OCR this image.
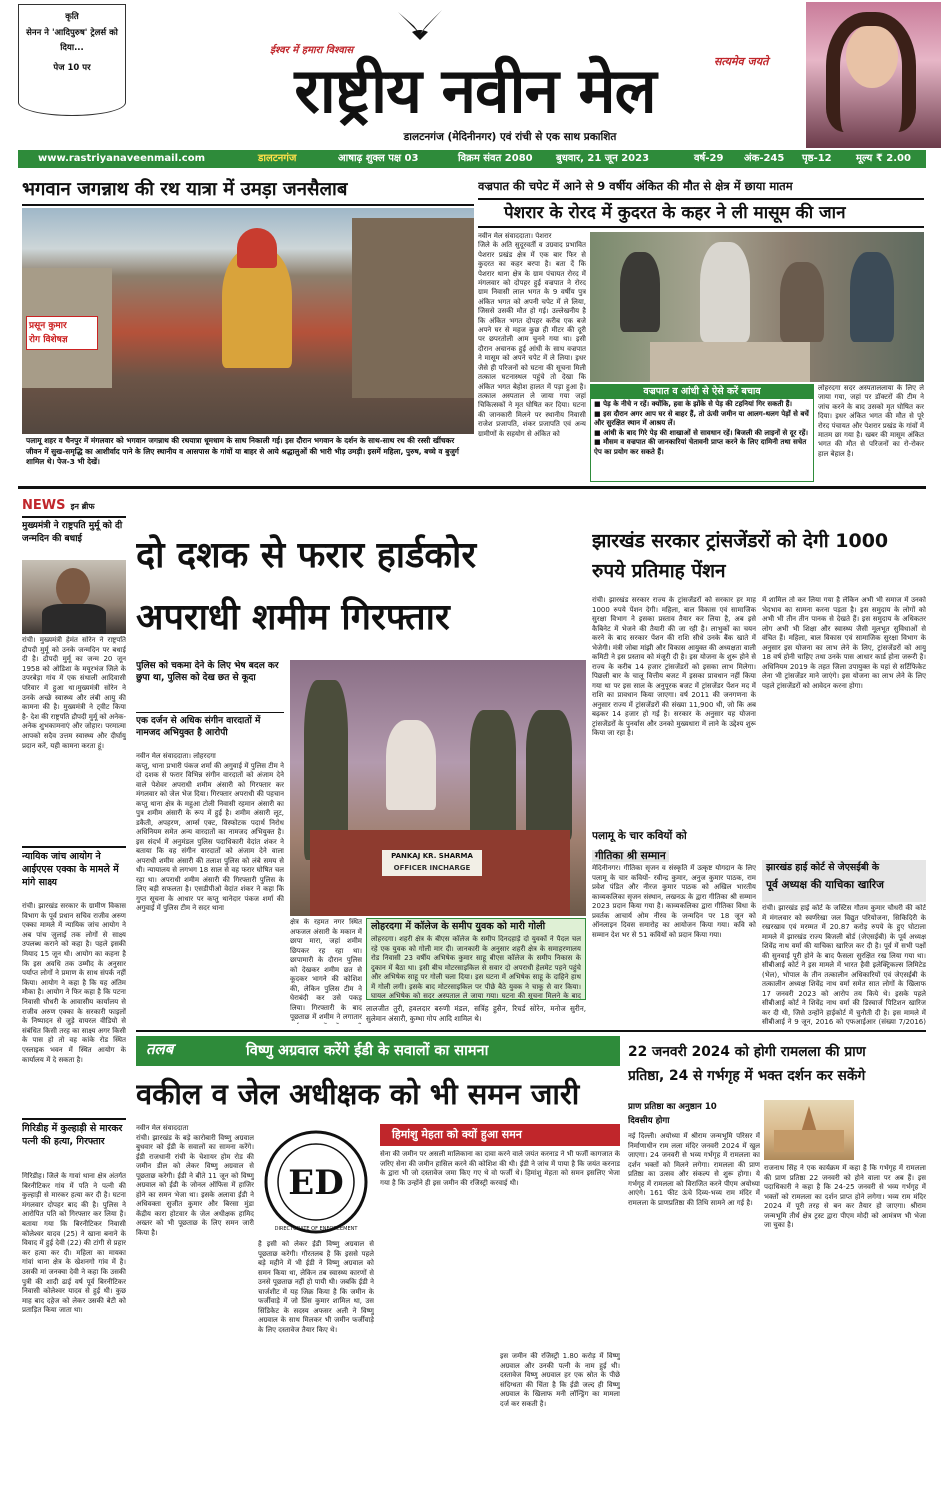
कृति
सेनन ने 'आदिपुरुष' ट्रेलर्स को दिया...
पेज 10 पर
ईश्वर में हमारा विश्वास
सत्यमेव जयते
राष्ट्रीय नवीन मेल
डालटनगंज (मेदिनीनगर) एवं रांची से एक साथ प्रकाशित
www.rastriyanaveenmail.com	डालटनगंज	आषाढ़ शुक्ल पक्ष 03	विक्रम संवत 2080 बुधवार, 21 जून 2023	वर्ष-29 अंक-245 पृष्ठ-12 मूल्य ₹ 2.00
भगवान जगन्नाथ की रथ यात्रा में उमड़ा जनसैलाब
प्रसून कुमार
रोग विशेषज्ञ
पलामू शहर व चैनपुर में मंगलवार को भगवान जगन्नाथ की रथयात्रा धूमधाम के साथ निकाली गई। इस दौरान भगवान के दर्शन के साथ-साथ रथ की रस्सी खींचकर जीवन में सुख-समृद्धि का आशीर्वाद पाने के लिए स्थानीय व आसपास के गांवों या बाहर से आये श्रद्धालुओं की भारी भीड़ उमड़ी। इसमें महिला, पुरुष, बच्चे व बुजुर्ग शामिल थे। पेज-3 भी देखें।
वज्रपात की चपेट में आने से 9 वर्षीय अंकित की मौत से क्षेत्र में छाया मातम
पेशरार के रोरद में कुदरत के कहर ने ली मासूम की जान
नवीन मेल संवाददाता। पेशरार
जिले के अति सुदूरवर्ती व उग्रवाद प्रभावित पेशरार प्रखंड क्षेत्र में एक बार फिर से कुदरत का कहर बरपा है। बता दें कि पेशरार थाना क्षेत्र के ग्राम पंचायत रोरद में मंगलवार को दोपहर हुई वज्रपात ने रोरद ग्राम निवासी लाल भगत के 9 वर्षीय पुत्र अंकित भगत को अपनी चपेट में ले लिया, जिससे उसकी मौत हो गई। उल्लेखनीय है कि अंकित भगत दोपहर करीब एक बजे अपने घर से महज कुछ ही मीटर की दूरी पर छपरतोली आम चुनने गया था। इसी दौरान अचानक हुई आंधी के साथ वज्रपात ने मासूम को अपने चपेट में ले लिया। इधर जैसे ही परिजनों को घटना की सूचना मिली तत्काल घटनास्थल पहुंचे तो देखा कि अंकित भगत बेहोश हालत में पड़ा हुआ है। तत्काल अस्पताल ले जाया गया जहां चिकित्सकों ने मृत घोषित कर दिया। घटना की जानकारी मिलने पर स्थानीय निवासी राजेश प्रजापति, शंकर प्रजापति एवं अन्य ग्रामीणों के सहयोग से अंकित को
वज्रपात व आंधी से ऐसे करें बचाव
■ पेड़ के नीचे न रहें। क्योंकि, हवा के झोंके से पेड़ की टहनियां गिर सकती हैं।
■ इस दौरान अगर आप घर से बाहर हैं, तो ऊंची जमीन या आलग-थलग पेड़ों से बचें और सुरक्षित स्थान में आश्रय लें।
■ आंधी के बाद गिरे पेड़ की शाखाओं से सावधान रहें। बिजली की लाइनों से दूर रहें।
■ मौसम व वज्रपात की जानकारियां चेतावनी प्राप्त करने के लिए दामिनी तथा सचेत ऐप का प्रयोग कर सकते हैं।
लोहरदगा सदर अस्पताललाया के लिए ले जाया गया, जहां पर डॉक्टरों की टीम ने जांच करने के बाद उसको मृत घोषित कर दिया। इधर अंकित भगत की मौत से पूरे रोरद पंचायत और पेशरार प्रखंड के गांवों में मातम छा गया है। खबर की मासूम अंकित भगत की मौत से परिजनों का रो-रोकर हाल बेहाल है।
NEWS इन ब्रीफ
मुख्यमंत्री ने राष्ट्रपति मुर्मू को दी जन्मदिन की बधाई
रांची। मुख्यमंत्री हेमंत सोरेन ने राष्ट्रपति द्रौपदी मुर्मू को उनके जन्मदिन पर बधाई दी है। द्रौपदी मुर्मू का जन्म 20 जून 1958 को ओडिशा के मयूरभंज जिले के उपरबेड़ा गांव में एक संथाली आदिवासी परिवार में हुआ था।मुख्यमंत्री सोरेन ने उनके अच्छे स्वास्थ्य और लंबी आयु की कामना की है। मुख्यमंत्री ने ट्वीट किया है- देश की राष्ट्रपति द्रौपदी मुर्मू को अनेक-अनेक शुभकामनाएं और जोहार। परमात्मा आपको सदैव उत्तम स्वास्थ्य और दीर्घायु प्रदान करें, यही कामना करता हूं।
न्यायिक जांच आयोग ने आईएएस एक्का के मामले में मांगे साक्ष्य
रांची। झारखंड सरकार के ग्रामीण विकास विभाग के पूर्व प्रधान सचिव राजीव अरुण एक्का मामले में न्यायिक जांच आयोग ने अब पांच जुलाई तक लोगों से साक्ष्य उपलब्ध कराने को कहा है। पहले इसकी मियाद 15 जून थी। आयोग का कहना है कि इस अवधि तक उम्मीद के अनुसार पर्याप्त लोगों ने प्रमाण के साथ संपर्क नहीं किया। आयोग ने कहा है कि यह अंतिम मौका है। आयोग ने फिर कहा है कि पटना निवासी चौधरी के आवासीय कार्यालय से राजीव अरुण एक्का के सरकारी फाइलों के निष्पादन से जुड़े वायरल वीडियो से संबंधित किसी तरह का साक्ष्य अगर किसी के पास हो तो वह कांके रोड स्थित एस्लाइक भवन में स्थित आयोग के कार्यालय में दे सकता है।
गिरिडीह में कुल्हाड़ी से मारकर पत्नी की हत्या, गिरफ्तार
गिरिडीह। जिले के गावां थाना क्षेत्र अंतर्गत बिरनीटिकर गांव में पति ने पत्नी की कुल्हाड़ी से मारकर हत्या कर दी है। घटना मंगलवार दोपहर बाद की है। पुलिस ने आरोपित पति को गिरफ्तार कर लिया है। बताया गया कि बिरनीटिकर निवासी कोलेश्वर यादव (25) ने खाना बनाने के विवाद में हुई देवी (22) की टांगी से प्रहार कर हत्या कर दी। महिला का मायका गांवां थाना क्षेत्र के खेशनगो गांव में है। उसकी मां जनक्वा देवी ने कहा कि उसकी पुत्री की शादी ढाई वर्ष पूर्व बिरनीटिकर निवासी कोलेश्वर यादव से हुई थी। कुछ माह बाद दहेज को लेकर उसकी बेटी को प्रताड़ित किया जाता था।
दो दशक से फरार हार्डकोर
अपराधी शमीम गिरफ्तार
पुलिस को चकमा देने के लिए भेष बदल कर छुपा था, पुलिस को देख छत से कूदा
एक दर्जन से अधिक संगीन वारदातों में नामजद अभियुक्त है आरोपी
नवीन मेल संवाददाता। लोहरदगा
कप्तु, थाना प्रभारी पंकज शर्मा की अगुवाई में पुलिस टीम ने दो दशक से फरार विभिन्न संगीन वारदातों को अंजाम देने वाले पेशेवर अपराधी शमीम अंसारी को गिरफ्तार कर मंगलवार को जेल भेज दिया। गिरफ्तार अपराधी की पहचान कप्तु थाना क्षेत्र के महुआ टोली निवासी रहमान अंसारी का पुत्र शमीम अंसारी के रूप में हुई है। शमीम अंसारी लूट, डकैती, अपहरण, आर्म्स एक्ट, विस्फोटक पदार्थ निरोध अधिनियम समेत अन्य वारदातों का नामजद अभियुक्त है। इस संदर्भ में अनुमंडल पुलिस पदाधिकारी वेदांत शंकर ने बताया कि वह संगीन वारदातों को अंजाम देने वाला अपराधी शमीम अंसारी की तलाश पुलिस को लंबे समय से थी। न्यायालय से लगभग 18 साल से वह फरार घोषित चल रहा था। अपराधी शमीम अंसारी की गिरफ्तारी पुलिस के लिए बड़ी सफलता है। एसडीपीओ वेदांत शंकर ने कहा कि गुप्त सूचना के आधार पर कप्तु थानेदार पंकज शर्मा की अगुवाई में पुलिस टीम ने सदर थाना
PANKAJ KR. SHARMA
OFFICER INCHARGE
क्षेत्र के रहमत नगर स्थित अफजल अंसारी के मकान में छापा मारा, जहां शमीम छिपकर रह रहा था। छापामारी के दौरान पुलिस को देखकर शमीम छत से कूदकर भागने की कोशिश की, लेकिन पुलिस टीम ने घेराबंदी कर उसे पकड़ लिया। गिरफ्तारी के बाद पूछताछ में शमीम ने लगातार
लोहरदगा में कॉलेज के समीप युवक को मारी गोली
लोहरदगा। शहरी क्षेत्र के बीएस कॉलेज के समीप दिनदहाड़े दो युवकों ने पैदल चल रहे एक युवक को गोली मार दी। जानकारी के अनुसार शहरी क्षेत्र के समाहरणालय रोड निवासी 23 वर्षीय अभिषेक कुमार साहू बीएस कॉलेज के समीप निकास के दुकान में बैठा था। इसी बीच मोटरसाइकिल से सवार दो अपराधी हेलमेट पहने पहुंचे और अभिषेक साहू पर गोली चला दिया। इस घटना में अभिषेक साहू के दाहिने हाथ में गोली लगी। इसके बाद मोटरसाइकिल पर पीछे बैठे युवक ने चाकू से वार किया। घायल अभिषेक को सदर अस्पताल ले जाया गया। घटना की सूचना मिलने के बाद
लालजीत तुरी, हवलदार बरुणी मंडल, सत्रिंह हुसैन, रिचर्ड सोरेन, मनोज सुरीन, सुलेमान अंसारी, कुम्भा गोप आदि शामिल थे।
झारखंड सरकार ट्रांसजेंडरों को देगी 1000 रुपये प्रतिमाह पेंशन
रांची। झारखंड सरकार राज्य के ट्रांसजेंडरों को सरकार हर माह 1000 रुपये पेंशन देगी। महिला, बाल विकास एवं सामाजिक सुरक्षा विभाग ने इसका प्रस्ताव तैयार कर लिया है, अब इसे कैबिनेट में भेजने की तैयारी की जा रही है। लाभुकों का चयन करने के बाद सरकार पेंशन की राशि सीधे उनके बैंक खाते में भेजेगी। मंत्री जोबा मांझी और विकास आयुक्त की अध्यक्षता वाली कमिटी ने इस प्रस्ताव को मंजूरी दी है। इस योजना के शुरू होने से राज्य के करीब 14 हजार ट्रांसजेंडरों को इसका लाभ मिलेगा। पिछली बार के चालू वित्तीय बजट में इसका प्रावधान नहीं किया गया था पर इस साल के अनुपूरक बजट में ट्रांसजेंडर पेंशन मद में राशि का प्रावधान किया जाएगा। वर्ष 2011 की जनगणना के अनुसार राज्य में ट्रांसजेंडरों की संख्या 11,900 थी, जो कि अब बढ़कर 14 हजार हो गई है। सरकार के अनुसार यह योजना ट्रांसजेंडरों के पुनर्वास और उनको मुख्यधारा में लाने के उद्देश्य शुरू किया जा रहा है।
में शामिल तो कर लिया गया है लेकिन अभी भी समाज में उनको भेदभाव का सामना करना पड़ता है। इस समुदाय के लोगों को अभी भी तीन तीन पानक से देखते हैं। इस समुदाय के अधिकतर लोग अभी भी शिक्षा और स्वास्थ्य जैसी मूलभूत सुविधाओं से वंचित हैं। महिला, बाल विकास एवं सामाजिक सुरक्षा विभाग के अनुसार इस योजना का लाभ लेने के लिए, ट्रांसजेंडरों को आयु 18 वर्ष होनी चाहिए तथा उनके पास आधार कार्ड होना जरूरी है। अधिनियम 2019 के तहत जिला उपायुक्त के यहां से सर्टिफिकेट लेना भी ट्रांसजेंडर माने जाएंगे। इस योजना का लाभ लेने के लिए पहले ट्रांसजेंडरों को आवेदन करना होगा।
पलामू के चार कवियों को
गीतिका श्री सम्मान
मेदिनीनगर। गीतिका सृजन व संस्कृति में उत्कृष्ट योगदान के लिए पलामू के चार कवियों- रवीन्द्र कुमार, अनुज कुमार पाठक, राम प्रवेश पंडित और नीरज कुमार पाठक को अखिल भारतीय काव्यकलिका सृजन संस्थान, लखनऊ के द्वारा गीतिका श्री सम्मान 2023 प्रदान किया गया है। काव्यकलिका द्वारा गीतिका विधा के प्रवर्तक आचार्य ओम नीरव के जन्मदिन पर 18 जून को ऑनलाइन दिवस समारोह का आयोजन किया गया। कवि को सम्मान देश भर से 51 कवियों को प्रदान किया गया।
झारखंड हाई कोर्ट से जेएसईबी के
पूर्व अध्यक्ष की याचिका खारिज
रांची। झारखंड हाई कोर्ट के जस्टिस गौतम कुमार चौधरी की कोर्ट में मंगलवार को स्वर्णरेखा जल विद्युत परियोजना, सिकिदिरी के रखरखाव एवं मरम्मत में 20.87 करोड़ रुपये के हुए घोटाला मामले में झारखंड राज्य बिजली बोर्ड (जेएसईबी) के पूर्व अध्यक्ष शिवेंद्र नाथ वर्मा की याचिका खारिज कर दी है। पूर्व में सभी पक्षों की सुनवाई पूरी होने के बाद फैसला सुरक्षित रख लिया गया था। सीबीआई कोर्ट ने इस मामले में भारत हैवी इलेक्ट्रिकल्स लिमिटेड (भेल), भोपाल के तीन तत्कालीन अधिकारियों एवं जेएसईबी के तत्कालीन अध्यक्ष शिवेंद्र नाथ वर्मा समेत सात लोगों के खिलाफ 17 जनवरी 2023 को आरोप तय किये थे। इसके पहले सीबीआई कोर्ट ने शिवेंद्र नाथ वर्मा की डिस्चार्ज पिटिशन खारिज कर दी थी, जिसे उन्होंने हाईकोर्ट में चुनौती दी है। इस मामले में सीबीआई ने 9 जून, 2016 को एफआईआर (संख्या 7/2016)
तलब	विष्णु अग्रवाल करेंगे ईडी के सवालों का सामना
वकील व जेल अधीक्षक को भी समन जारी
नवीन मेल संवाददाता
रांची। झारखंड के बड़े कारोबारी विष्णु अग्रवाल बुधवार को ईडी के सवालों का सामना करेंगे। ईडी राजधानी रांची के चेशायर होम रोड की जमीन डील को लेकर विष्णु अग्रवाल से पूछताछ करेगी। ईडी ने बीते 11 जून को विष्णु अग्रवाल को ईडी के जोनल ऑफिस में हाजिर होने का समन भेजा था। इसके अलावा ईडी ने अधिवक्ता सुजीत कुमार और बिरसा मुंडा केंद्रीय कारा होटवार के जेल अधीक्षक हामिद अख्तर को भी पूछताछ के लिए समन जारी किया है।
ED
DIRECTORATE OF ENFORCEMENT
है इसी को लेकर ईडी विष्णु अग्रवाल से पूछताछ करेगी। गौरतलब है कि इससे पहले बड़े महीने में भी ईडी ने विष्णु अग्रवाल को समन किया था, लेकिन तब स्वास्थ्य कारणों से उनसे पूछताछ नहीं हो पायी थी। जबकि ईडी ने चार्जशीट में यह जिक्र किया है कि जमीन के फर्जीवाड़े में जो प्रिंस कुमार शामिल था, उस सिंडिकेट के सदस्य अफसर अली ने विष्णु अग्रवाल के साथ मिलकर भी जमीन फर्जीवाड़े के लिए दस्तावेज तैयार किए थे।
हिमांशु मेहता को क्यों हुआ समन
सेना की जमीन पर असली मालिकाना का दावा करने वाले जयंत करनाड ने भी फर्जी कागजात के जरिए सेना की जमीन हासिल करने की कोशिश की थी। ईडी ने जांच में पाया है कि जयंत करनाड के द्वारा भी जो दस्तावेज जमा किए गए थे वो फर्जी थे। हिमांशु मेहता को समन इसलिए भेजा गया है कि उन्होंने ही इस जमीन की रजिस्ट्री करवाई थी।
इस जमीन की रजिस्ट्री 1.80 करोड़ में विष्णु अग्रवाल और उनकी पत्नी के नाम हुई थी। दस्तावेज विष्णु अग्रवाल हर एक स्रोत के पीछे संदिग्धता की चिंता है कि ईडी जल्द ही विष्णु अग्रवाल के खिलाफ मनी लॉन्ड्रिंग का मामला दर्ज कर सकती है।
22 जनवरी 2024 को होगी रामलला की प्राण
प्रतिष्ठा, 24 से गर्भगृह में भक्त दर्शन कर सकेंगे
प्राण प्रतिष्ठा का अनुष्ठान 10
दिवसीय होगा
नई दिल्ली। अयोध्या में श्रीराम जन्मभूमि परिसर में निर्माणाधीन राम लला मंदिर जनवरी 2024 में खुल जाएगा। 24 जनवरी से भव्य गर्भगृह में रामलला का दर्शन भक्तों को मिलने लगेगा। रामलला की प्राण प्रतिष्ठा का उत्सव और संकल्प से शुरू होगा। ये गर्भगृह में रामलला को विराजित करने पीएम अयोध्या आएंगे। 161 फीट ऊंचे दिव्य-भव्य राम मंदिर में रामलला के प्राणप्रतिष्ठा की तिथि सामने आ गई है।
राजनाथ सिंह ने एक कार्यक्रम में कहा है कि गर्भगृह में रामलला की प्राण प्रतिष्ठा 22 जनवरी को होने वाला पर अब हैं। इस पदाधिकारी ने कहा है कि 24-25 जनवरी से भव्य गर्भगृह में भक्तों को रामलला का दर्शन प्राप्त होने लगेगा। भव्य राम मंदिर 2024 में पूरी तरह से बन कर तैयार हो जाएगा। श्रीराम जन्मभूमि तीर्थ क्षेत्र ट्रस्ट द्वारा पीएम मोदी को आमंत्रण भी भेजा जा चुका है।
